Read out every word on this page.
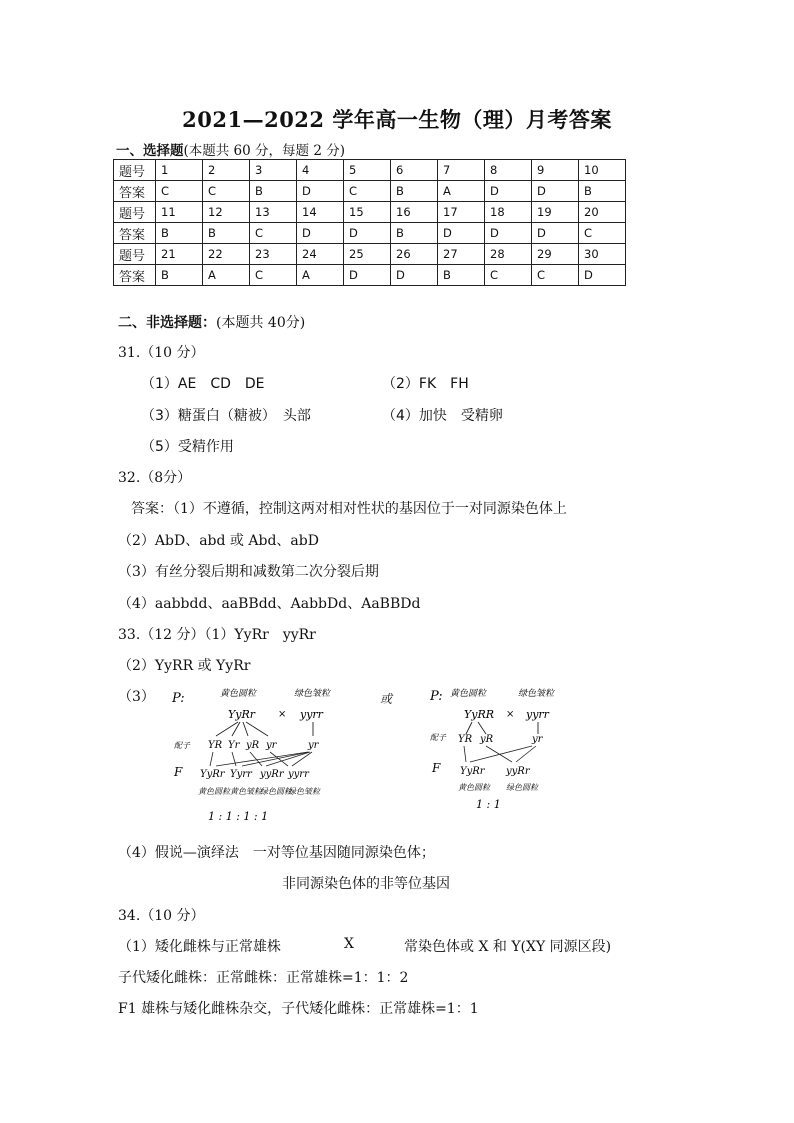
2021—2022 学年高一生物（理）月考答案
一、选择题(本题共 60 分，每题 2 分)
题号	1	2	3	4	5	6	7	8	9	10
答案	C	C	B	D	C	B	A	D	D	B
题号	11	12	13	14	15	16	17	18	19	20
答案	B	B	C	D	D	B	D	D	D	C
题号	21	22	23	24	25	26	27	28	29	30
答案	B	A	C	A	D	D	B	C	C	D
二、非选择题：(本题共 40分)
31.（10 分）
（1）AE　CD　DE	（2）FK　FH
（3）糖蛋白（糖被）　头部	（4）加快　受精卵
（5）受精作用
32.（8分）
答案：（1）不遵循，控制这两对相对性状的基因位于一对同源染色体上
（2）AbD、abd 或 Abd、abD
（3）有丝分裂后期和减数第二次分裂后期
（4）aabbdd、aaBBdd、AabbDd、AaBBDd
33.（12 分）（1）YyRr　yyRr
（2）YyRR 或 YyRr
（3） P:	黄色圆粒	绿色皱粒
YyRr × yyrr
配子 YR Yr yR yr	yr
F YyRr Yyrr yyRr yyrr
黄色圆粒 黄色皱粒
绿色圆粒
绿色皱粒
1 : 1 : 1 : 1
或	P: 黄色圆粒	绿色皱粒
YyRR × yyrr
配子 YR yR	yr
F YyRr yyRr
黄色圆粒 绿色圆粒
1 : 1
（4）假说—演绎法　一对等位基因随同源染色体；
非同源染色体的非等位基因
34.（10 分）
（1）矮化雌株与正常雄株	X	常染色体或 X 和 Y(XY 同源区段)
子代矮化雌株：正常雌株：正常雄株=1：1：2
F1 雄株与矮化雌株杂交，子代矮化雌株：正常雄株=1：1
